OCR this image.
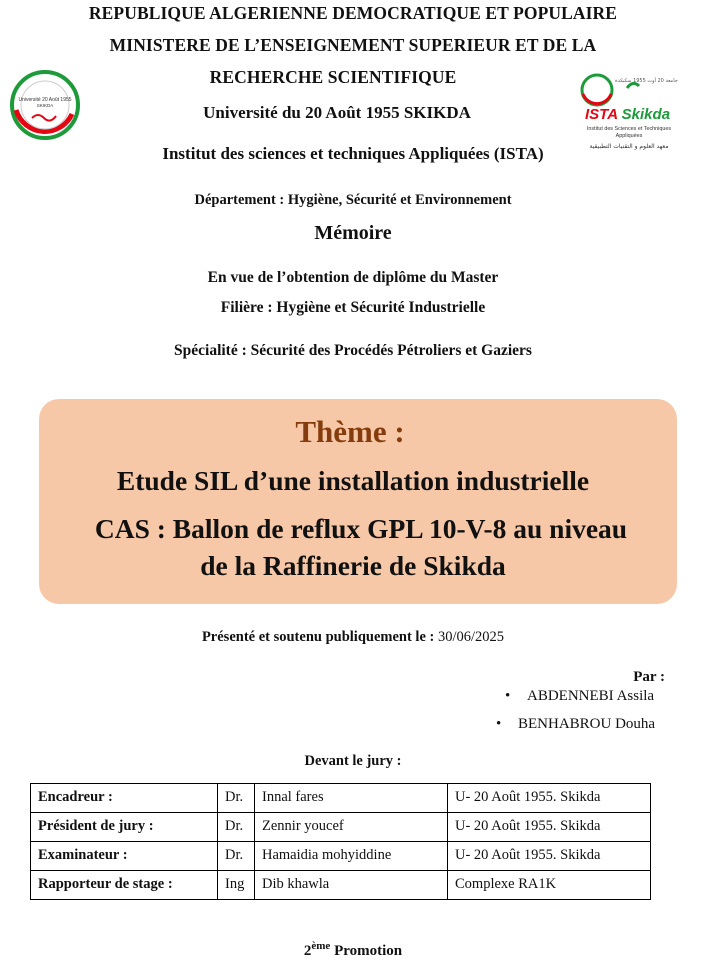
REPUBLIQUE ALGERIENNE DEMOCRATIQUE ET POPULAIRE
MINISTERE DE L’ENSEIGNEMENT SUPERIEUR ET DE LA
RECHERCHE SCIENTIFIQUE
Université du 20 Août 1955 SKIKDA
Institut des sciences et techniques Appliquées (ISTA)
Université 20 Août 1955
SKIKDA
جامعة 20 أوت 1955 سكيكدة
ISTA Skikda
Institut des Sciences et Techniques
Appliquées
معهد العلوم و التقنيات التطبيقية
Département : Hygiène, Sécurité et Environnement
Mémoire
En vue de l’obtention de diplôme du Master
Filière : Hygiène et Sécurité Industrielle
Spécialité : Sécurité des Procédés Pétroliers et Gaziers
Thème :
Etude SIL d’une installation industrielle
CAS : Ballon de reflux GPL 10-V-8 au niveau
de la Raffinerie de Skikda
Présenté et soutenu publiquement le : 30/06/2025
Par :
• ABDENNEBI Assila
• BENHABROU Douha
Devant le jury :
Encadreur :	Dr.	Innal fares	U- 20 Août 1955. Skikda
Président de jury :	Dr.	Zennir youcef	U- 20 Août 1955. Skikda
Examinateur :	Dr.	Hamaidia mohyiddine	U- 20 Août 1955. Skikda
Rapporteur de stage :	Ing	Dib khawla	Complexe RA1K
2ème Promotion
